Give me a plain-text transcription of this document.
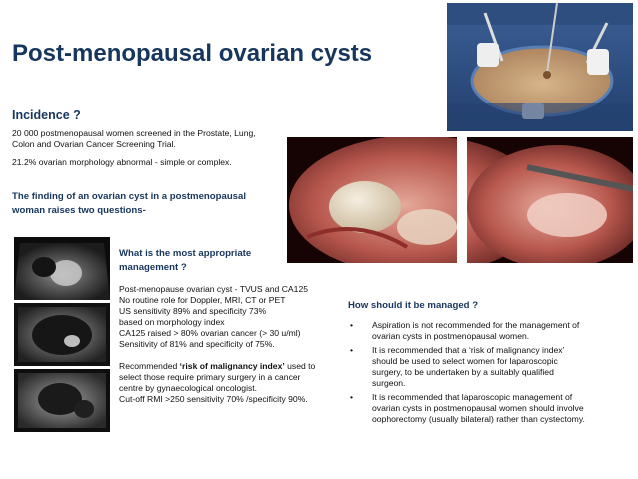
Post-menopausal ovarian cysts
Incidence ?
20 000 postmenopausal women screened in the Prostate, Lung,
Colon and Ovarian Cancer Screening Trial.
21.2% ovarian morphology abnormal - simple or complex.
The finding of an ovarian cyst in a postmenopausal
woman raises two questions-
What is the most appropriate
management ?
Post-menopause ovarian cyst - TVUS and CA125
No routine role for Doppler, MRI, CT or PET
US sensitivity 89% and specificity 73%
based on morphology index
CA125 raised > 80% ovarian cancer (> 30 u/ml)
Sensitivity of 81% and specificity of 75%.
Recommended ‘risk of malignancy index’ used to
select those require primary surgery in a cancer
centre by gynaecological oncologist.
Cut-off RMI >250 sensitivity 70% /specificity 90%.
How should it be managed ?
• Aspiration is not recommended for the management of
ovarian cysts in postmenopausal women.
• It is recommended that a ‘risk of malignancy index’
should be used to select women for laparoscopic
surgery, to be undertaken by a suitably qualified
surgeon.
• It is recommended that laparoscopic management of
ovarian cysts in postmenopausal women should involve
oophorectomy (usually bilateral) rather than cystectomy.
